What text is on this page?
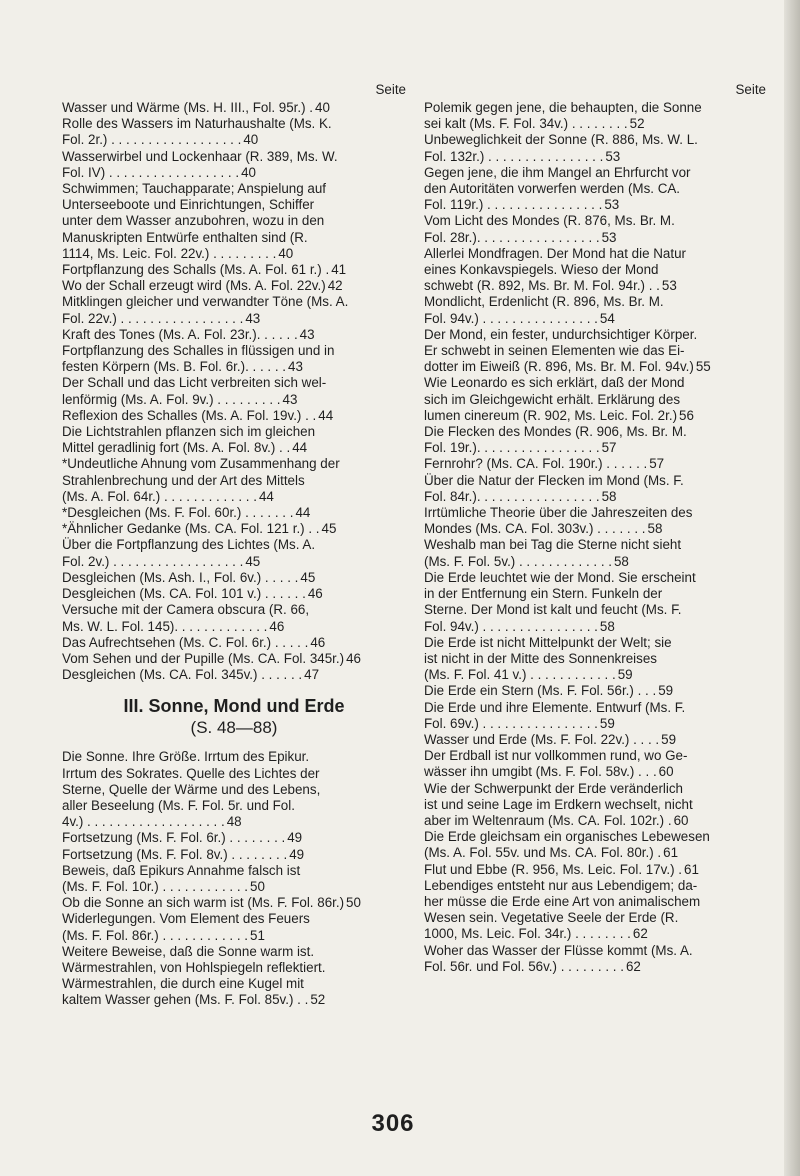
Seite
Wasser und Wärme (Ms. H. III., Fol. 95r.) . 40
Rolle des Wassers im Naturhaushalte (Ms. K.
Fol. 2r.) . . . . . . . . . . . . . . . . . . 40
Wasserwirbel und Lockenhaar (R. 389, Ms. W.
Fol. IV) . . . . . . . . . . . . . . . . . . 40
Schwimmen; Tauchapparate; Anspielung auf
Unterseeboote und Einrichtungen, Schiffer
unter dem Wasser anzubohren, wozu in den
Manuskripten Entwürfe enthalten sind (R.
1114, Ms. Leic. Fol. 22v.) . . . . . . . . . 40
Fortpflanzung des Schalls (Ms. A. Fol. 61 r.) . 41
Wo der Schall erzeugt wird (Ms. A. Fol. 22v.) 42
Mitklingen gleicher und verwandter Töne (Ms. A.
Fol. 22v.) . . . . . . . . . . . . . . . . . 43
Kraft des Tones (Ms. A. Fol. 23r.). . . . . . 43
Fortpflanzung des Schalles in flüssigen und in
festen Körpern (Ms. B. Fol. 6r.). . . . . . 43
Der Schall und das Licht verbreiten sich wel-
lenförmig (Ms. A. Fol. 9v.) . . . . . . . . . 43
Reflexion des Schalles (Ms. A. Fol. 19v.) . . 44
Die Lichtstrahlen pflanzen sich im gleichen
Mittel geradlinig fort (Ms. A. Fol. 8v.) . . 44
*Undeutliche Ahnung vom Zusammenhang der
Strahlenbrechung und der Art des Mittels
(Ms. A. Fol. 64r.) . . . . . . . . . . . . . 44
*Desgleichen (Ms. F. Fol. 60r.) . . . . . . . 44
*Ähnlicher Gedanke (Ms. CA. Fol. 121 r.) . . 45
Über die Fortpflanzung des Lichtes (Ms. A.
Fol. 2v.) . . . . . . . . . . . . . . . . . . 45
Desgleichen (Ms. Ash. I., Fol. 6v.) . . . . . 45
Desgleichen (Ms. CA. Fol. 101 v.) . . . . . . 46
Versuche mit der Camera obscura (R. 66,
Ms. W. L. Fol. 145). . . . . . . . . . . . . 46
Das Aufrechtsehen (Ms. C. Fol. 6r.) . . . . . 46
Vom Sehen und der Pupille (Ms. CA. Fol. 345r.) 46
Desgleichen (Ms. CA. Fol. 345v.) . . . . . . 47
III. Sonne, Mond und Erde
(S. 48—88)
Die Sonne. Ihre Größe. Irrtum des Epikur.
Irrtum des Sokrates. Quelle des Lichtes der
Sterne, Quelle der Wärme und des Lebens,
aller Beseelung (Ms. F. Fol. 5r. und Fol.
4v.) . . . . . . . . . . . . . . . . . . . 48
Fortsetzung (Ms. F. Fol. 6r.) . . . . . . . . 49
Fortsetzung (Ms. F. Fol. 8v.) . . . . . . . . 49
Beweis, daß Epikurs Annahme falsch ist
(Ms. F. Fol. 10r.) . . . . . . . . . . . . 50
Ob die Sonne an sich warm ist (Ms. F. Fol. 86r.) 50
Widerlegungen. Vom Element des Feuers
(Ms. F. Fol. 86r.) . . . . . . . . . . . . 51
Weitere Beweise, daß die Sonne warm ist.
Wärmestrahlen, von Hohlspiegeln reflektiert.
Wärmestrahlen, die durch eine Kugel mit
kaltem Wasser gehen (Ms. F. Fol. 85v.) . . 52
Seite
Polemik gegen jene, die behaupten, die Sonne
sei kalt (Ms. F. Fol. 34v.) . . . . . . . . 52
Unbeweglichkeit der Sonne (R. 886, Ms. W. L.
Fol. 132r.) . . . . . . . . . . . . . . . . 53
Gegen jene, die ihm Mangel an Ehrfurcht vor
den Autoritäten vorwerfen werden (Ms. CA.
Fol. 119r.) . . . . . . . . . . . . . . . . 53
Vom Licht des Mondes (R. 876, Ms. Br. M.
Fol. 28r.). . . . . . . . . . . . . . . . . 53
Allerlei Mondfragen. Der Mond hat die Natur
eines Konkavspiegels. Wieso der Mond
schwebt (R. 892, Ms. Br. M. Fol. 94r.) . . 53
Mondlicht, Erdenlicht (R. 896, Ms. Br. M.
Fol. 94v.) . . . . . . . . . . . . . . . . 54
Der Mond, ein fester, undurchsichtiger Körper.
Er schwebt in seinen Elementen wie das Ei-
dotter im Eiweiß (R. 896, Ms. Br. M. Fol. 94v.) 55
Wie Leonardo es sich erklärt, daß der Mond
sich im Gleichgewicht erhält. Erklärung des
lumen cinereum (R. 902, Ms. Leic. Fol. 2r.) 56
Die Flecken des Mondes (R. 906, Ms. Br. M.
Fol. 19r.). . . . . . . . . . . . . . . . . 57
Fernrohr? (Ms. CA. Fol. 190r.) . . . . . . 57
Über die Natur der Flecken im Mond (Ms. F.
Fol. 84r.). . . . . . . . . . . . . . . . . 58
Irrtümliche Theorie über die Jahreszeiten des
Mondes (Ms. CA. Fol. 303v.) . . . . . . . 58
Weshalb man bei Tag die Sterne nicht sieht
(Ms. F. Fol. 5v.) . . . . . . . . . . . . . 58
Die Erde leuchtet wie der Mond. Sie erscheint
in der Entfernung ein Stern. Funkeln der
Sterne. Der Mond ist kalt und feucht (Ms. F.
Fol. 94v.) . . . . . . . . . . . . . . . . 58
Die Erde ist nicht Mittelpunkt der Welt; sie
ist nicht in der Mitte des Sonnenkreises
(Ms. F. Fol. 41 v.) . . . . . . . . . . . . 59
Die Erde ein Stern (Ms. F. Fol. 56r.) . . . 59
Die Erde und ihre Elemente. Entwurf (Ms. F.
Fol. 69v.) . . . . . . . . . . . . . . . . 59
Wasser und Erde (Ms. F. Fol. 22v.) . . . . 59
Der Erdball ist nur vollkommen rund, wo Ge-
wässer ihn umgibt (Ms. F. Fol. 58v.) . . . 60
Wie der Schwerpunkt der Erde veränderlich
ist und seine Lage im Erdkern wechselt, nicht
aber im Weltenraum (Ms. CA. Fol. 102r.) . 60
Die Erde gleichsam ein organisches Lebewesen
(Ms. A. Fol. 55v. und Ms. CA. Fol. 80r.) . 61
Flut und Ebbe (R. 956, Ms. Leic. Fol. 17v.) . 61
Lebendiges entsteht nur aus Lebendigem; da-
her müsse die Erde eine Art von animalischem
Wesen sein. Vegetative Seele der Erde (R.
1000, Ms. Leic. Fol. 34r.) . . . . . . . . 62
Woher das Wasser der Flüsse kommt (Ms. A.
Fol. 56r. und Fol. 56v.) . . . . . . . . . 62
306
